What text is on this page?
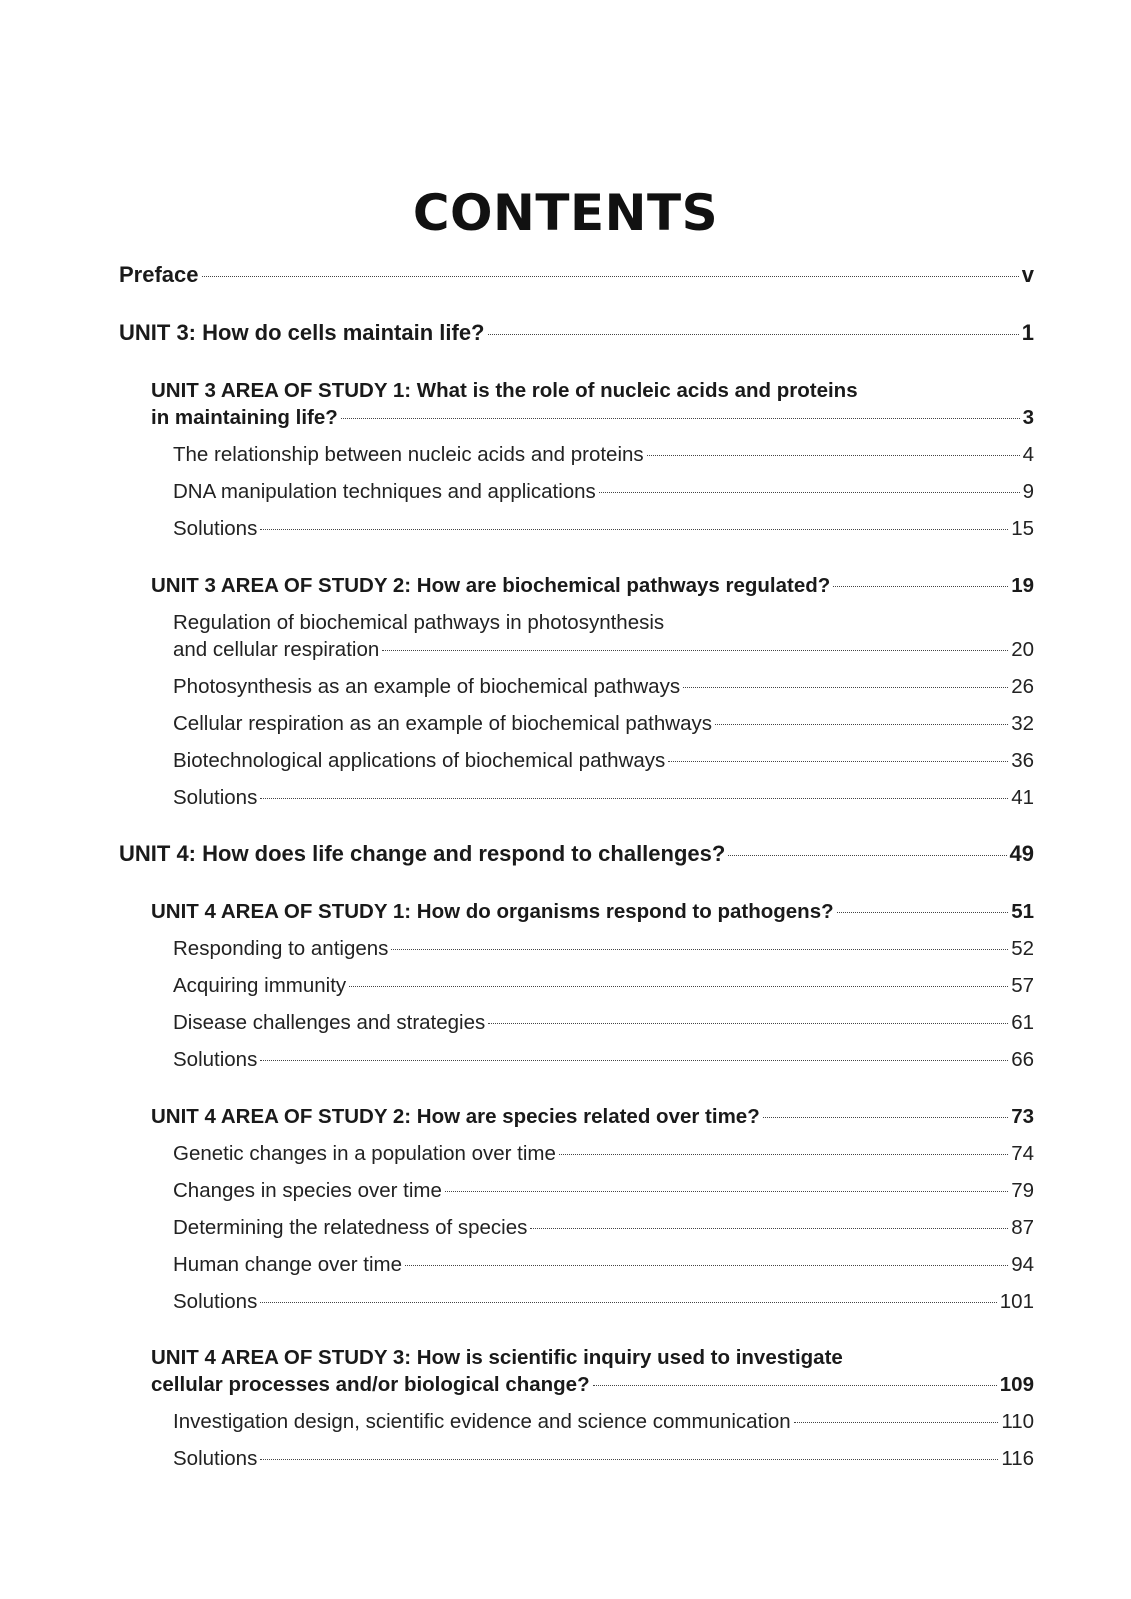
CONTENTS
Preface	v
UNIT 3: How do cells maintain life?	1
UNIT 3 AREA OF STUDY 1: What is the role of nucleic acids and proteins
in maintaining life?	3
The relationship between nucleic acids and proteins	4
DNA manipulation techniques and applications	9
Solutions	15
UNIT 3 AREA OF STUDY 2: How are biochemical pathways regulated?	19
Regulation of biochemical pathways in photosynthesis
and cellular respiration	20
Photosynthesis as an example of biochemical pathways	26
Cellular respiration as an example of biochemical pathways	32
Biotechnological applications of biochemical pathways	36
Solutions	41
UNIT 4: How does life change and respond to challenges?	49
UNIT 4 AREA OF STUDY 1: How do organisms respond to pathogens?	51
Responding to antigens	52
Acquiring immunity	57
Disease challenges and strategies	61
Solutions	66
UNIT 4 AREA OF STUDY 2: How are species related over time?	73
Genetic changes in a population over time	74
Changes in species over time	79
Determining the relatedness of species	87
Human change over time	94
Solutions	101
UNIT 4 AREA OF STUDY 3: How is scientific inquiry used to investigate
cellular processes and/or biological change?	109
Investigation design, scientific evidence and science communication	110
Solutions	116
